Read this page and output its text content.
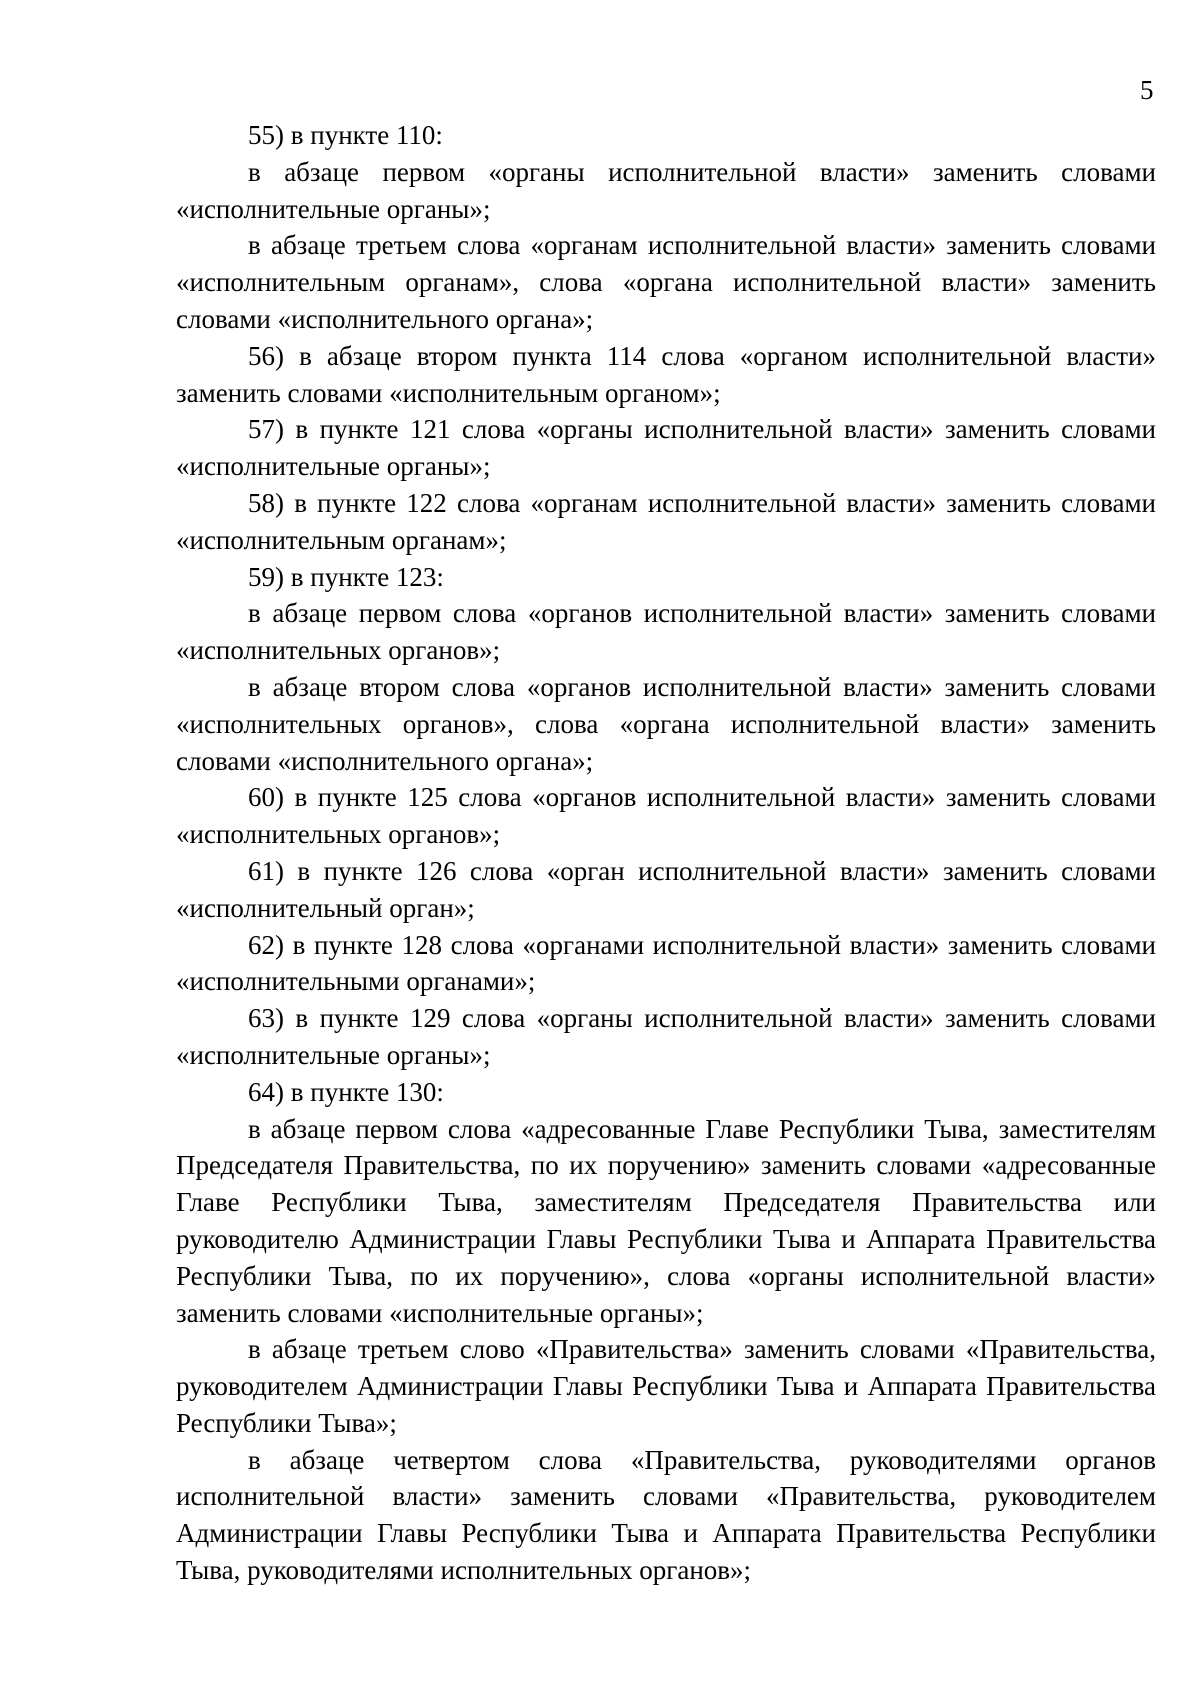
5

55) в пункте 110:

в абзаце первом «органы исполнительной власти» заменить словами «исполнительные органы»;

в абзаце третьем слова «органам исполнительной власти» заменить словами «исполнительным органам», слова «органа исполнительной власти» заменить словами «исполнительного органа»;

56) в абзаце втором пункта 114 слова «органом исполнительной власти» заменить словами «исполнительным органом»;

57) в пункте 121 слова «органы исполнительной власти» заменить словами «исполнительные органы»;

58) в пункте 122 слова «органам исполнительной власти» заменить словами «исполнительным органам»;

59) в пункте 123:

в абзаце первом слова «органов исполнительной власти» заменить словами «исполнительных органов»;

в абзаце втором слова «органов исполнительной власти» заменить словами «исполнительных органов», слова «органа исполнительной власти» заменить словами «исполнительного органа»;

60) в пункте 125 слова «органов исполнительной власти» заменить словами «исполнительных органов»;

61) в пункте 126 слова «орган исполнительной власти» заменить словами «исполнительный орган»;

62) в пункте 128 слова «органами исполнительной власти» заменить словами «исполнительными органами»;

63) в пункте 129 слова «органы исполнительной власти» заменить словами «исполнительные органы»;

64) в пункте 130:

в абзаце первом слова «адресованные Главе Республики Тыва, заместителям Председателя Правительства, по их поручению» заменить словами «адресованные Главе Республики Тыва, заместителям Председателя Правительства или руководителю Администрации Главы Республики Тыва и Аппарата Правительства Республики Тыва, по их поручению», слова «органы исполнительной власти» заменить словами «исполнительные органы»;

в абзаце третьем слово «Правительства» заменить словами «Правительства, руководителем Администрации Главы Республики Тыва и Аппарата Правительства Республики Тыва»;

в абзаце четвертом слова «Правительства, руководителями органов исполнительной власти» заменить словами «Правительства, руководителем Администрации Главы Республики Тыва и Аппарата Правительства Республики Тыва, руководителями исполнительных органов»;
